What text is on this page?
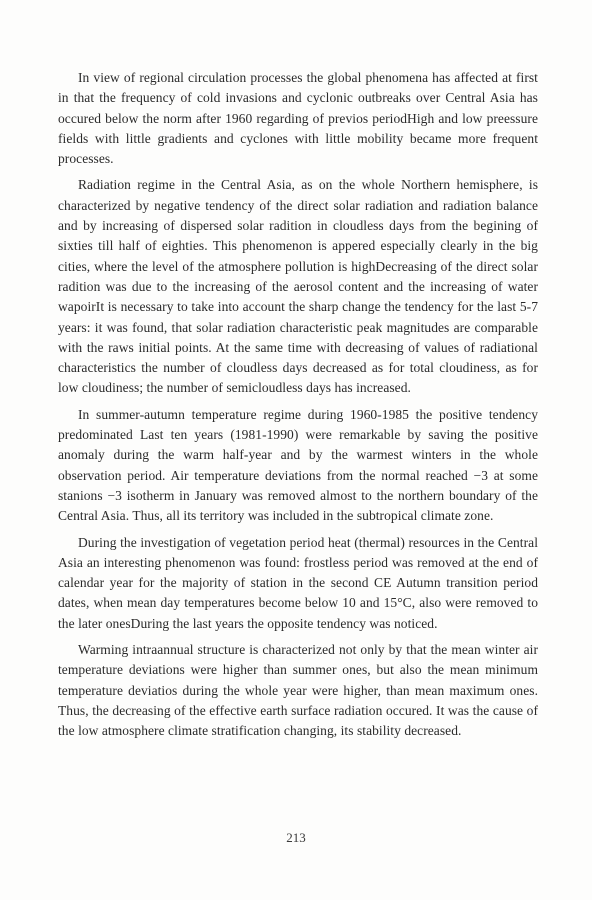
In view of regional circulation processes the global phenomena has affected at first in that the frequency of cold invasions and cyclonic outbreaks over Central Asia has occured below the norm after 1960 regarding of previos periodHigh and low preessure fields with little gradients and cyclones with little mobility became more frequent processes.

Radiation regime in the Central Asia, as on the whole Northern hemisphere, is characterized by negative tendency of the direct solar radiation and radiation balance and by increasing of dispersed solar radition in cloudless days from the begining of sixties till half of eighties. This phenomenon is appered especially clearly in the big cities, where the level of the atmosphere pollution is highDecreasing of the direct solar radition was due to the increasing of the aerosol content and the increasing of water wapoirIt is necessary to take into account the sharp change the tendency for the last 5-7 years: it was found, that solar radiation characteristic peak magnitudes are comparable with the raws initial points. At the same time with decreasing of values of radiational characteristics the number of cloudless days decreased as for total cloudiness, as for low cloudiness; the number of semicloudless days has increased.

In summer-autumn temperature regime during 1960-1985 the positive tendency predominated Last ten years (1981-1990) were remarkable by saving the positive anomaly during the warm half-year and by the warmest winters in the whole observation period. Air temperature deviations from the normal reached −3 at some stanions −3 isotherm in January was removed almost to the northern boundary of the Central Asia. Thus, all its territory was included in the subtropical climate zone.

During the investigation of vegetation period heat (thermal) resources in the Central Asia an interesting phenomenon was found: frostless period was removed at the end of calendar year for the majority of station in the second CE Autumn transition period dates, when mean day temperatures become below 10 and 15°C, also were removed to the later onesDuring the last years the opposite tendency was noticed.

Warming intraannual structure is characterized not only by that the mean winter air temperature deviations were higher than summer ones, but also the mean minimum temperature deviatios during the whole year were higher, than mean maximum ones. Thus, the decreasing of the effective earth surface radiation occured. It was the cause of the low atmosphere climate stratification changing, its stability decreased.

213
